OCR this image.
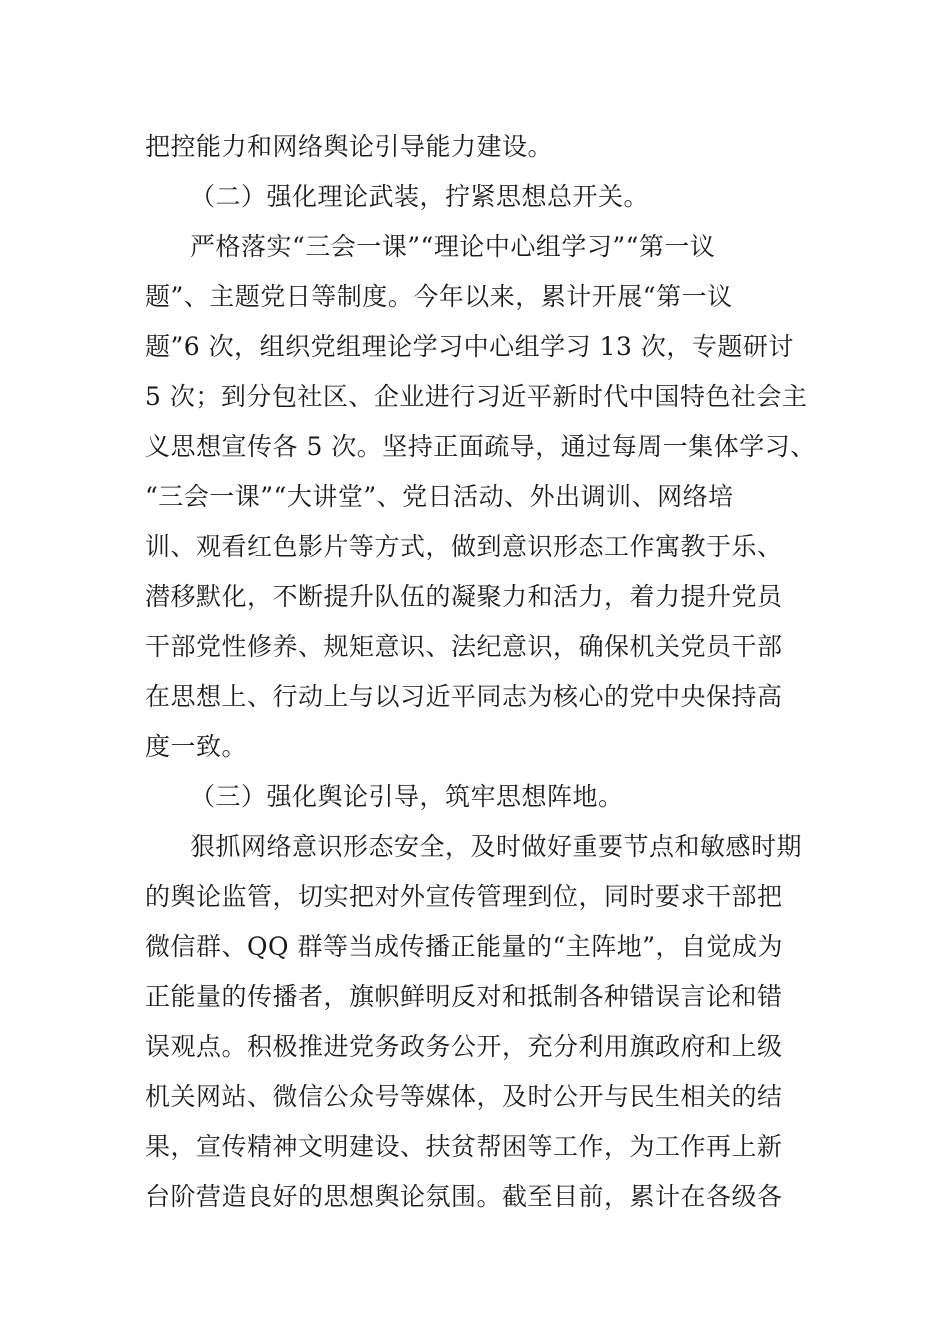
把控能力和网络舆论引导能力建设。
（二）强化理论武装，拧紧思想总开关。
严格落实“三会一课”“理论中心组学习”“第一议
题”、主题党日等制度。今年以来，累计开展“第一议
题”6 次，组织党组理论学习中心组学习 13 次，专题研讨
5 次；到分包社区、企业进行习近平新时代中国特色社会主
义思想宣传各 5 次。坚持正面疏导，通过每周一集体学习、
“三会一课”“大讲堂”、党日活动、外出调训、网络培
训、观看红色影片等方式，做到意识形态工作寓教于乐、
潜移默化，不断提升队伍的凝聚力和活力，着力提升党员
干部党性修养、规矩意识、法纪意识，确保机关党员干部
在思想上、行动上与以习近平同志为核心的党中央保持高
度一致。
（三）强化舆论引导，筑牢思想阵地。
狠抓网络意识形态安全，及时做好重要节点和敏感时期
的舆论监管，切实把对外宣传管理到位，同时要求干部把
微信群、QQ 群等当成传播正能量的“主阵地”，自觉成为
正能量的传播者，旗帜鲜明反对和抵制各种错误言论和错
误观点。积极推进党务政务公开，充分利用旗政府和上级
机关网站、微信公众号等媒体，及时公开与民生相关的结
果，宣传精神文明建设、扶贫帮困等工作，为工作再上新
台阶营造良好的思想舆论氛围。截至目前，累计在各级各
